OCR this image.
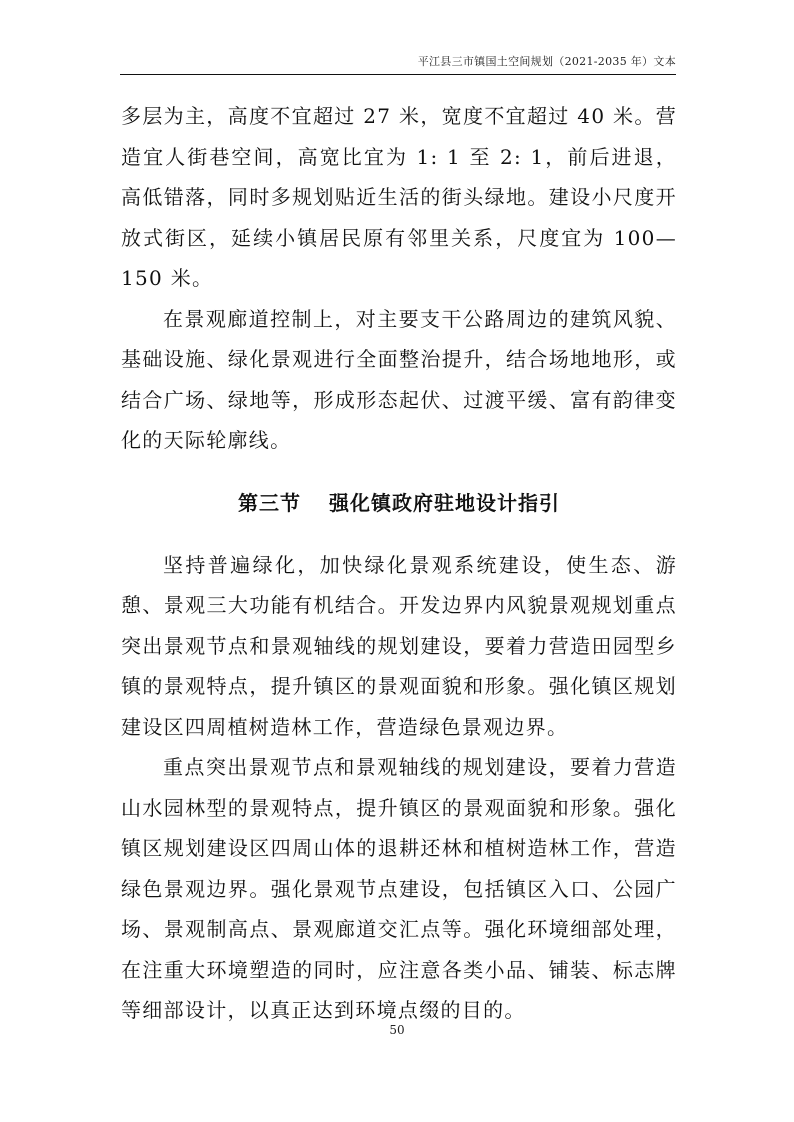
平江县三市镇国土空间规划（2021-2035 年）文本

多层为主，高度不宜超过 27 米，宽度不宜超过 40 米。营造宜人街巷空间，高宽比宜为 1: 1 至 2: 1，前后进退，高低错落，同时多规划贴近生活的街头绿地。建设小尺度开放式街区，延续小镇居民原有邻里关系，尺度宜为 100—150 米。

在景观廊道控制上，对主要支干公路周边的建筑风貌、基础设施、绿化景观进行全面整治提升，结合场地地形，或结合广场、绿地等，形成形态起伏、过渡平缓、富有韵律变化的天际轮廓线。

第三节 强化镇政府驻地设计指引

坚持普遍绿化，加快绿化景观系统建设，使生态、游憩、景观三大功能有机结合。开发边界内风貌景观规划重点突出景观节点和景观轴线的规划建设，要着力营造田园型乡镇的景观特点，提升镇区的景观面貌和形象。强化镇区规划建设区四周植树造林工作，营造绿色景观边界。

重点突出景观节点和景观轴线的规划建设，要着力营造山水园林型的景观特点，提升镇区的景观面貌和形象。强化镇区规划建设区四周山体的退耕还林和植树造林工作，营造绿色景观边界。强化景观节点建设，包括镇区入口、公园广场、景观制高点、景观廊道交汇点等。强化环境细部处理，在注重大环境塑造的同时，应注意各类小品、铺装、标志牌等细部设计，以真正达到环境点缀的目的。

50
